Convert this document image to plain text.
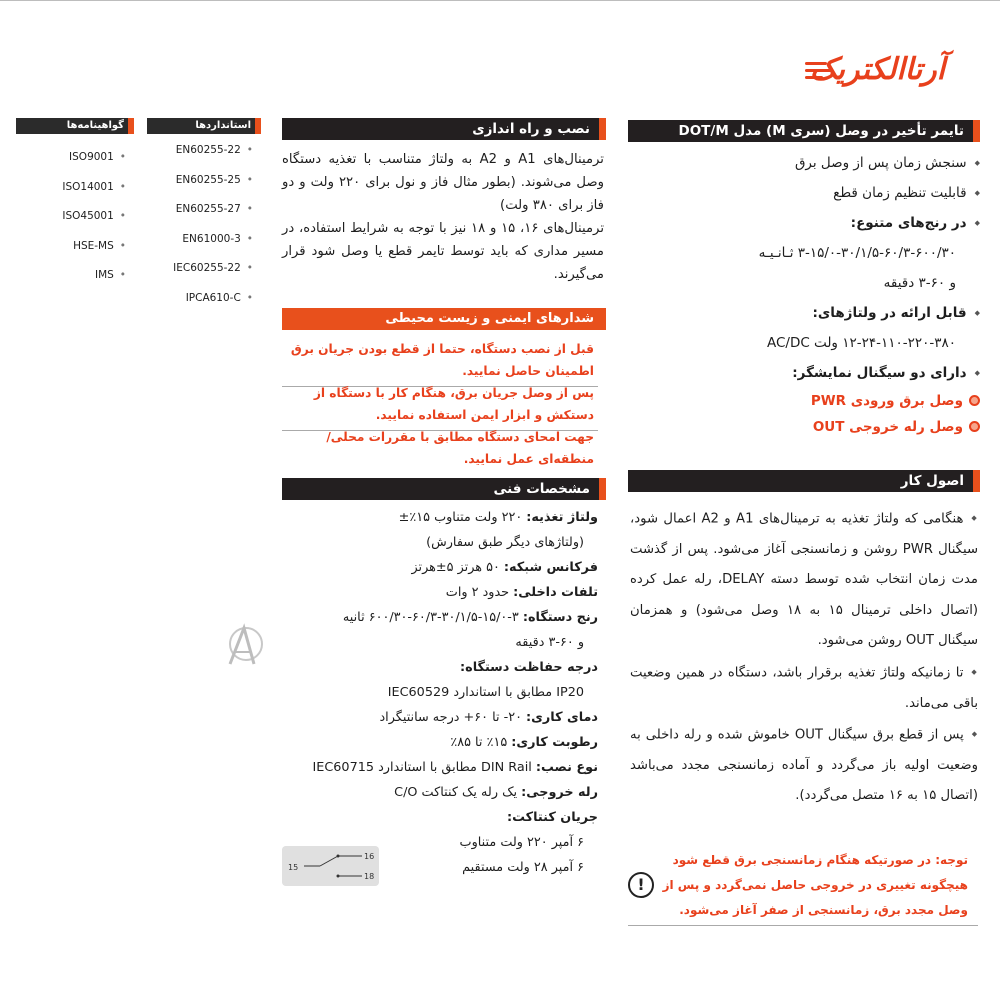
آرتاالکتریک
تایمر تأخیر در وصل (سری M) مدل DOT/M
◆ سنجش زمان پس از وصل برق
◆ قابلیت تنظیم زمان قطع
◆ در رنج‌های متنوع:
۳-۱۵/۰-۳۰/۱/۵-۶۰/۳-۶۰۰/۳۰ ثـانـیـه
و ۶۰-۳ دقیقه
◆ قابل ارائه در ولتاژهای:
۱۲-۲۴-۱۱۰-۲۲۰-۳۸۰ ولت AC/DC
◆ دارای دو سیگنال نمایشگر:
وصل برق ورودی PWR
وصل رله خروجی OUT
اصول کار

◆ هنگامی که ولتاژ تغذیه به ترمینال‌های A1 و A2 اعمال شود، سیگنال PWR روشن و زمانسنجی آغاز می‌شود. پس از گذشت مدت زمان انتخاب شده توسط دسته DELAY، رله عمل کرده (اتصال داخلی ترمینال ۱۵ به ۱۸ وصل می‌شود) و همزمان سیگنال OUT روشن می‌شود.

◆ تا زمانیکه ولتاژ تغذیه برقرار باشد، دستگاه در همین وضعیت باقی می‌ماند.

◆ پس از قطع برق سیگنال OUT خاموش شده و رله داخلی به وضعیت اولیه باز می‌گردد و آماده زمانسنجی مجدد می‌باشد (اتصال ۱۵ به ۱۶ متصل می‌گردد).

توجه: در صورتیکه هنگام زمانسنجی برق قطع شود هیچگونه تغییری در خروجی حاصل نمی‌گردد و پس از وصل مجدد برق، زمانسنجی از صفر آغاز می‌شود.
!
نصب و راه اندازی

ترمینال‌های A1 و A2 به ولتاژ متناسب با تغذیه دستگاه وصل می‌شوند. (بطور مثال فاز و نول برای ۲۲۰ ولت و دو فاز برای ۳۸۰ ولت)

ترمینال‌های ۱۶، ۱۵ و ۱۸ نیز با توجه به شرایط استفاده، در مسیر مداری که باید توسط تایمر قطع یا وصل شود قرار می‌گیرند.

شدارهای ایمنی و زیست محیطی
قبل از نصب دستگاه، حتما از قطع بودن جریان برق اطمینان حاصل نمایید.
پس از وصل جریان برق، هنگام کار با دستگاه از دستکش و ابزار ایمن استفاده نمایید.
جهت امحای دستگاه مطابق با مقررات محلی/ منطقه‌ای عمل نمایید.
مشخصات فنی
ولتاژ تغذیه: ۲۲۰ ولت متناوب ۱۵٪±
(ولتاژهای دیگر طبق سفارش)
فرکانس شبکه: ۵۰ هرتز ۵±هرتز
تلفات داخلی: حدود ۲ وات
رنج دستگاه: ۳-۱۵/۰-۳۰/۱/۵-۶۰/۳-۶۰۰/۳۰ ثانیه
و ۶۰-۳ دقیقه
درجه حفاظت دستگاه:
IP20 مطابق با استاندارد IEC60529
دمای کاری: ۲۰- تا ۶۰+ درجه سانتیگراد
رطوبت کاری: ۱۵٪ تا ۸۵٪
نوع نصب: DIN Rail مطابق با استاندارد IEC60715
رله خروجی: یک رله یک کنتاکت C/O
جریان کنتاکت:
۶ آمپر ۲۲۰ ولت متناوب
۶ آمپر ۲۸ ولت مستقیم
15
16
18
استانداردها
• EN60255-22
• EN60255-25
• EN60255-27
• EN61000-3
• IEC60255-22
• IPCA610-C
گواهینامه‌ها
• ISO9001
• ISO14001
• ISO45001
• HSE-MS
• IMS
